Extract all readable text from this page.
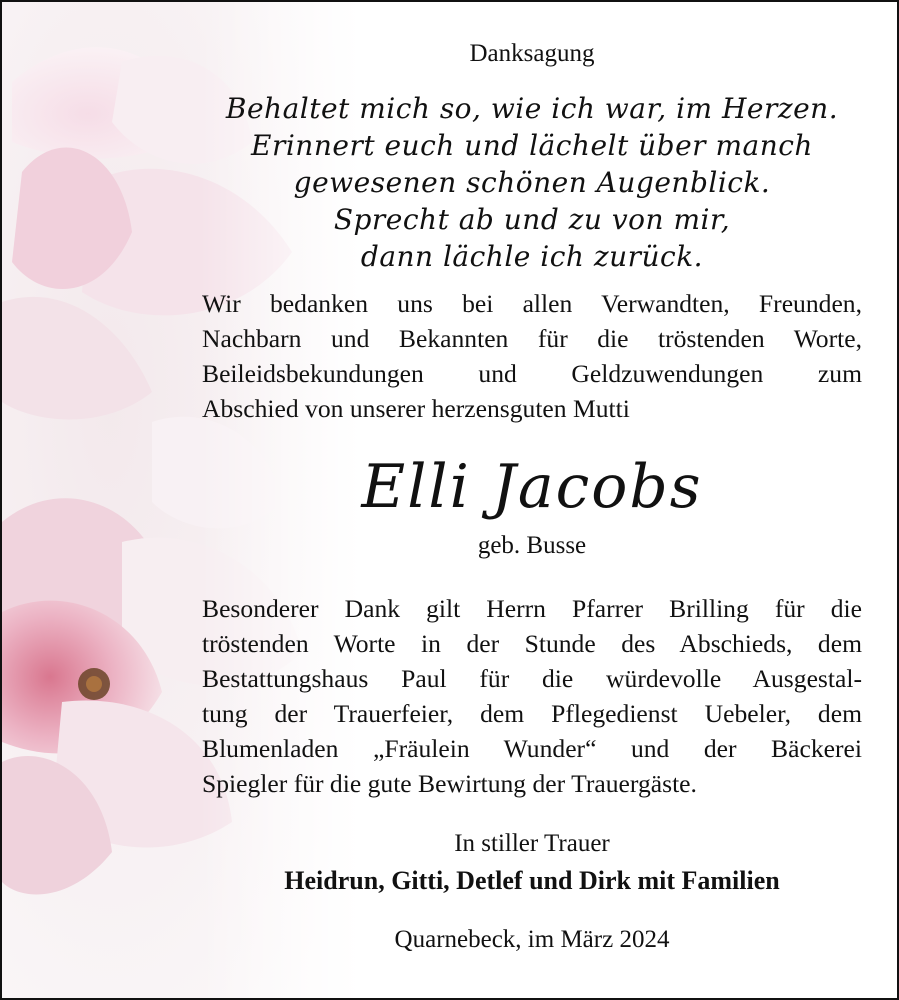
Danksagung
Behaltet mich so, wie ich war, im Herzen.
Erinnert euch und lächelt über manch
gewesenen schönen Augenblick.
Sprecht ab und zu von mir,
dann lächle ich zurück.
Wir bedanken uns bei allen Verwandten, Freunden,
Nachbarn und Bekannten für die tröstenden Worte,
Beileidsbekundungen und Geldzuwendungen zum
Abschied von unserer herzensguten Mutti
Elli Jacobs
geb. Busse
Besonderer Dank gilt Herrn Pfarrer Brilling für die
tröstenden Worte in der Stunde des Abschieds, dem
Bestattungshaus Paul für die würdevolle Ausgestal-
tung der Trauerfeier, dem Pflegedienst Uebeler, dem
Blumenladen „Fräulein Wunder“ und der Bäckerei
Spiegler für die gute Bewirtung der Trauergäste.
In stiller Trauer
Heidrun, Gitti, Detlef und Dirk mit Familien
Quarnebeck, im März 2024
